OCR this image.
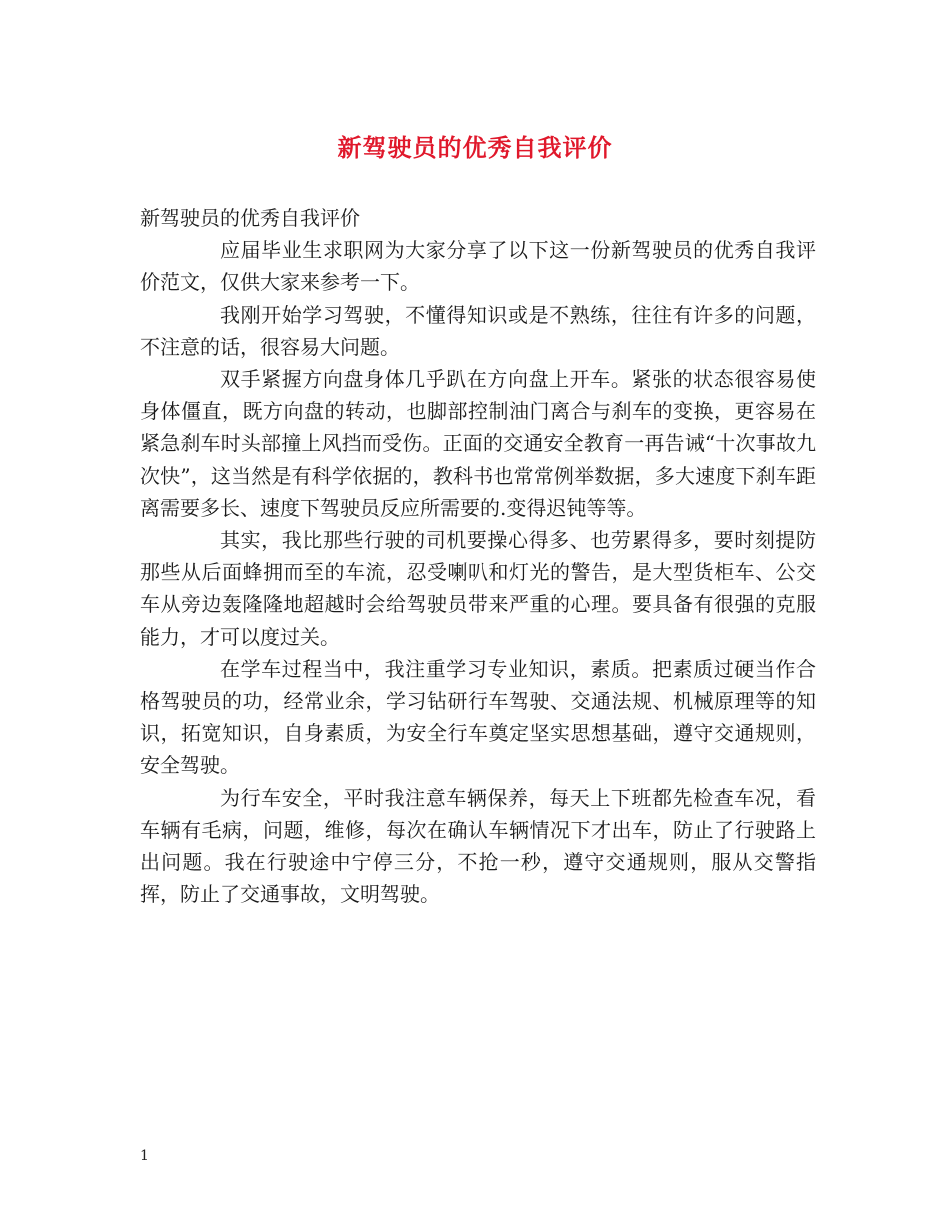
新驾驶员的优秀自我评价

新驾驶员的优秀自我评价

应届毕业生求职网为大家分享了以下这一份新驾驶员的优秀自我评价范文，仅供大家来参考一下。

我刚开始学习驾驶，不懂得知识或是不熟练，往往有许多的问题，不注意的话，很容易大问题。

双手紧握方向盘身体几乎趴在方向盘上开车。紧张的状态很容易使身体僵直，既方向盘的转动，也脚部控制油门离合与刹车的变换，更容易在紧急刹车时头部撞上风挡而受伤。正面的交通安全教育一再告诫“十次事故九次快”，这当然是有科学依据的，教科书也常常例举数据，多大速度下刹车距离需要多长、速度下驾驶员反应所需要的.变得迟钝等等。

其实，我比那些行驶的司机要操心得多、也劳累得多，要时刻提防那些从后面蜂拥而至的车流，忍受喇叭和灯光的警告，是大型货柜车、公交车从旁边轰隆隆地超越时会给驾驶员带来严重的心理。要具备有很强的克服能力，才可以度过关。

在学车过程当中，我注重学习专业知识，素质。把素质过硬当作合格驾驶员的功，经常业余，学习钻研行车驾驶、交通法规、机械原理等的知识，拓宽知识，自身素质，为安全行车奠定坚实思想基础，遵守交通规则，安全驾驶。

为行车安全，平时我注意车辆保养，每天上下班都先检查车况，看车辆有毛病，问题，维修，每次在确认车辆情况下才出车，防止了行驶路上出问题。我在行驶途中宁停三分，不抢一秒，遵守交通规则，服从交警指挥，防止了交通事故，文明驾驶。

1
